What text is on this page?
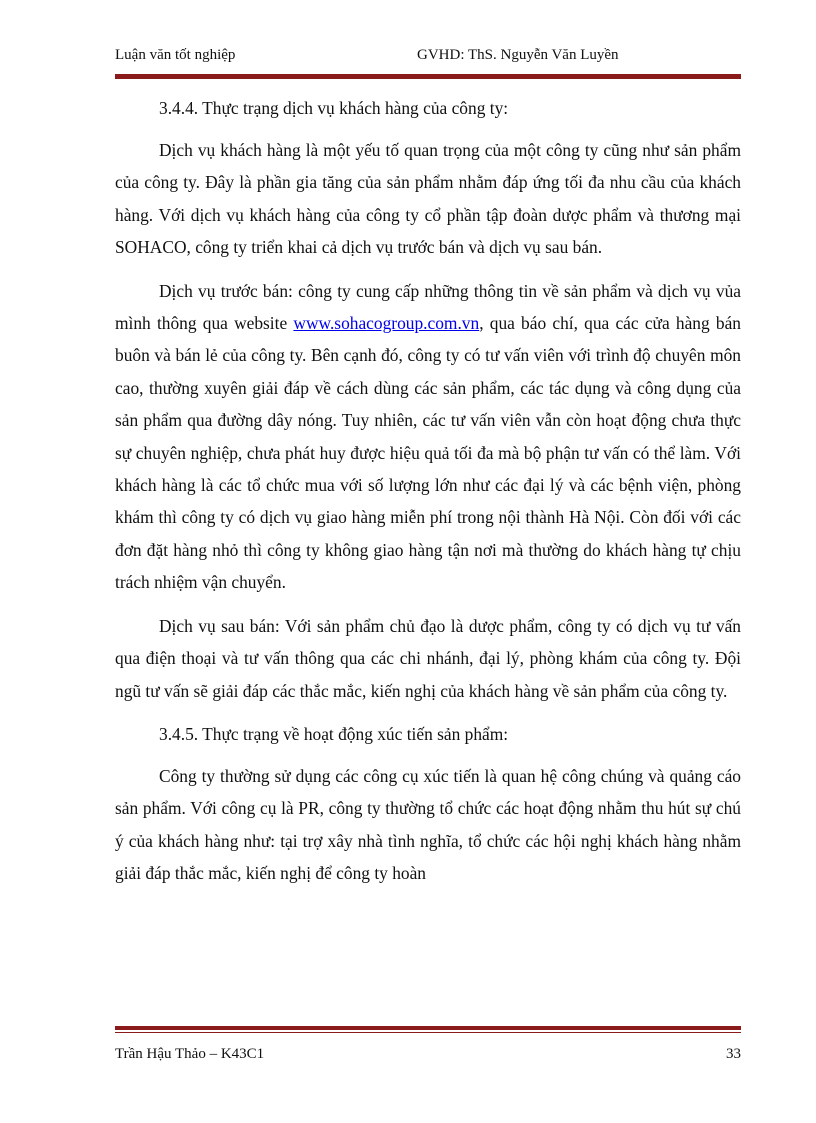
Luận văn tốt nghiệp	GVHD: ThS. Nguyễn Văn Luyền

3.4.4. Thực trạng dịch vụ khách hàng của công ty:

Dịch vụ khách hàng là một yếu tố quan trọng của một công ty cũng như sản phẩm của công ty. Đây là phần gia tăng của sản phẩm nhằm đáp ứng tối đa nhu cầu của khách hàng. Với dịch vụ khách hàng của công ty cổ phần tập đoàn dược phẩm và thương mại SOHACO, công ty triển khai cả dịch vụ trước bán và dịch vụ sau bán.

Dịch vụ trước bán: công ty cung cấp những thông tin về sản phẩm và dịch vụ vủa mình thông qua website www.sohacogroup.com.vn, qua báo chí, qua các cửa hàng bán buôn và bán lẻ của công ty. Bên cạnh đó, công ty có tư vấn viên với trình độ chuyên môn cao, thường xuyên giải đáp về cách dùng các sản phẩm, các tác dụng và công dụng của sản phẩm qua đường dây nóng. Tuy nhiên, các tư vấn viên vẫn còn hoạt động chưa thực sự chuyên nghiệp, chưa phát huy được hiệu quả tối đa mà bộ phận tư vấn có thể làm. Với khách hàng là các tổ chức mua với số lượng lớn như các đại lý và các bệnh viện, phòng khám thì công ty có dịch vụ giao hàng miễn phí trong nội thành Hà Nội. Còn đối với các đơn đặt hàng nhỏ thì công ty không giao hàng tận nơi mà thường do khách hàng tự chịu trách nhiệm vận chuyển.

Dịch vụ sau bán: Với sản phẩm chủ đạo là dược phẩm, công ty có dịch vụ tư vấn qua điện thoại và tư vấn thông qua các chi nhánh, đại lý, phòng khám của công ty. Đội ngũ tư vấn sẽ giải đáp các thắc mắc, kiến nghị của khách hàng về sản phẩm của công ty.

3.4.5. Thực trạng về hoạt động xúc tiến sản phẩm:

Công ty thường sử dụng các công cụ xúc tiến là quan hệ công chúng và quảng cáo sản phẩm. Với công cụ là PR, công ty thường tổ chức các hoạt động nhằm thu hút sự chú ý của khách hàng như: tại trợ xây nhà tình nghĩa, tổ chức các hội nghị khách hàng nhằm giải đáp thắc mắc, kiến nghị để công ty hoàn

Trần Hậu Thảo – K43C1	33
